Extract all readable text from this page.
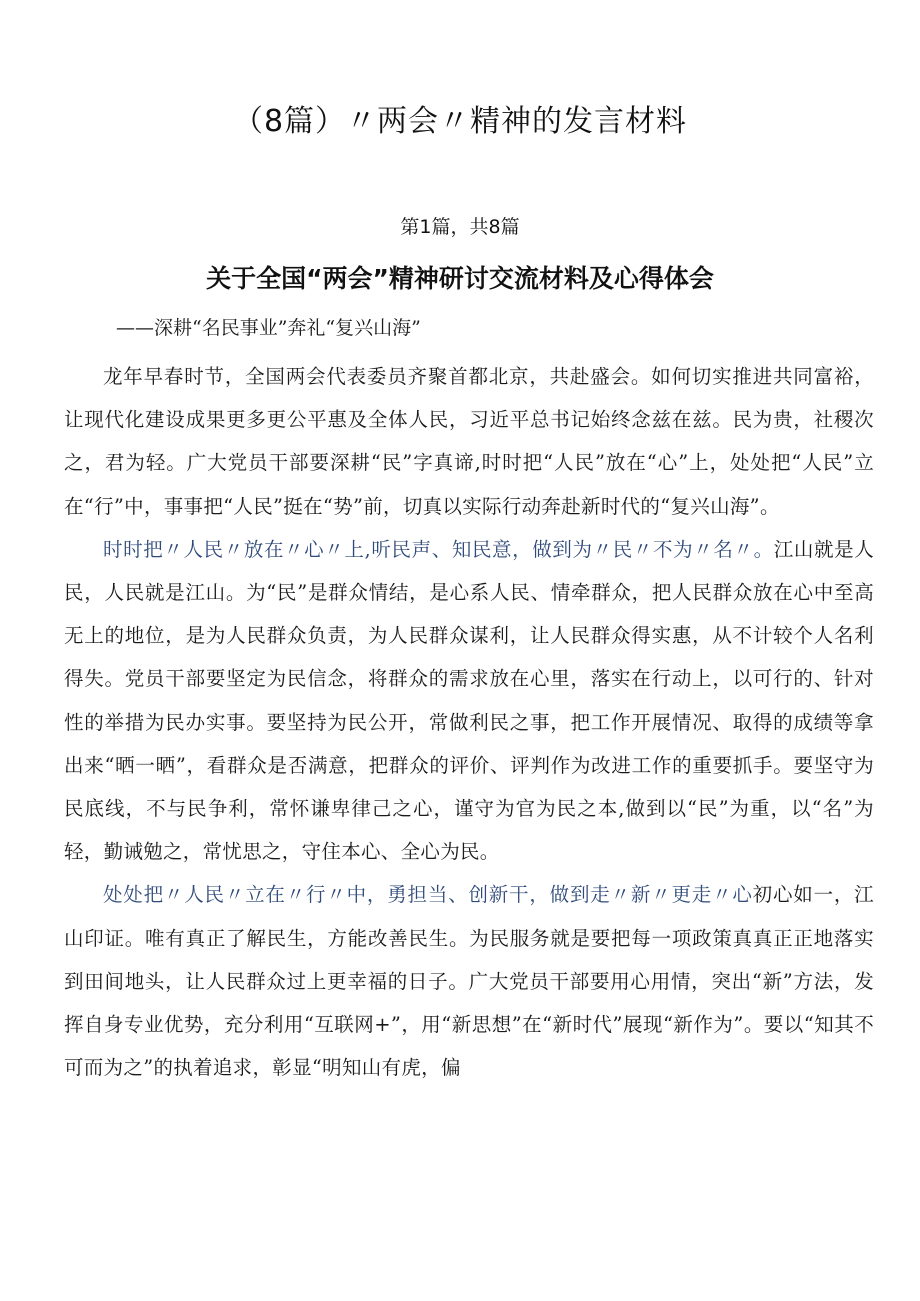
（8篇）〃两会〃精神的发言材料
第1篇，共8篇
关于全国“两会”精神研讨交流材料及心得体会
——深耕“名民事业”奔礼“复兴山海”

龙年早春时节，全国两会代表委员齐聚首都北京，共赴盛会。如何切实推进共同富裕，让现代化建设成果更多更公平惠及全体人民，习近平总书记始终念兹在兹。民为贵，社稷次之，君为轻。广大党员干部要深耕“民”字真谛,时时把“人民”放在“心”上，处处把“人民”立在“行”中，事事把“人民”挺在“势”前，切真以实际行动奔赴新时代的“复兴山海”。

时时把〃人民〃放在〃心〃上,听民声、知民意，做到为〃民〃不为〃名〃。江山就是人民，人民就是江山。为“民”是群众情结，是心系人民、情牵群众，把人民群众放在心中至高无上的地位，是为人民群众负责，为人民群众谋利，让人民群众得实惠，从不计较个人名利得失。党员干部要坚定为民信念，将群众的需求放在心里，落实在行动上，以可行的、针对性的举措为民办实事。要坚持为民公开，常做利民之事，把工作开展情况、取得的成绩等拿出来“晒一晒”，看群众是否满意，把群众的评价、评判作为改进工作的重要抓手。要坚守为民底线，不与民争利，常怀谦卑律己之心，谨守为官为民之本,做到以“民”为重，以“名”为轻，勤诫勉之，常忧思之，守住本心、全心为民。

处处把〃人民〃立在〃行〃中，勇担当、创新干，做到走〃新〃更走〃心初心如一，江山印证。唯有真正了解民生，方能改善民生。为民服务就是要把每一项政策真真正正地落实到田间地头，让人民群众过上更幸福的日子。广大党员干部要用心用情，突出“新”方法，发挥自身专业优势，充分利用“互联网+”，用“新思想”在“新时代”展现“新作为”。要以“知其不可而为之”的执着追求，彰显“明知山有虎，偏
